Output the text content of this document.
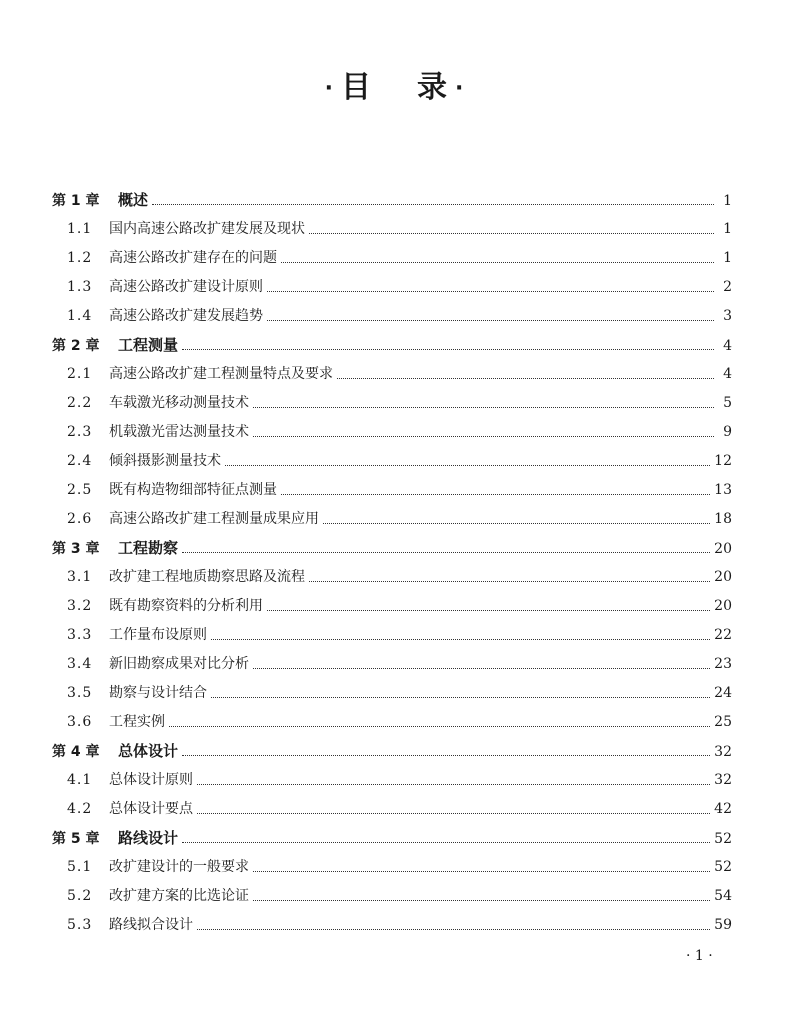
· 目 录 ·
第 1 章	概述	1
1.1	国内高速公路改扩建发展及现状	1
1.2	高速公路改扩建存在的问题	1
1.3	高速公路改扩建设计原则	2
1.4	高速公路改扩建发展趋势	3
第 2 章	工程测量	4
2.1	高速公路改扩建工程测量特点及要求	4
2.2	车载激光移动测量技术	5
2.3	机载激光雷达测量技术	9
2.4	倾斜摄影测量技术	12
2.5	既有构造物细部特征点测量	13
2.6	高速公路改扩建工程测量成果应用	18
第 3 章	工程勘察	20
3.1	改扩建工程地质勘察思路及流程	20
3.2	既有勘察资料的分析利用	20
3.3	工作量布设原则	22
3.4	新旧勘察成果对比分析	23
3.5	勘察与设计结合	24
3.6	工程实例	25
第 4 章	总体设计	32
4.1	总体设计原则	32
4.2	总体设计要点	42
第 5 章	路线设计	52
5.1	改扩建设计的一般要求	52
5.2	改扩建方案的比选论证	54
5.3	路线拟合设计	59
· 1 ·
